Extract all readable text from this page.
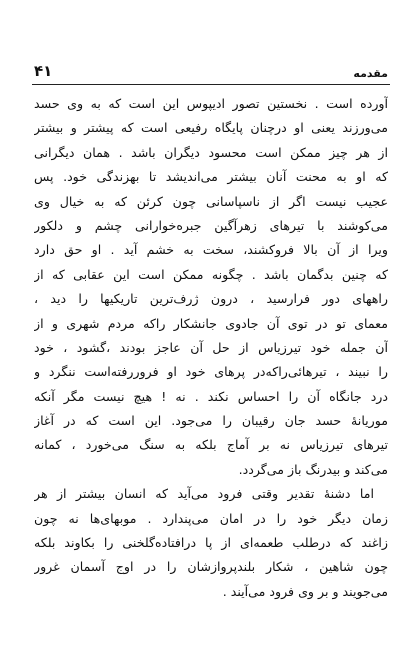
۴۱	مقدمه
آورده است . نخستین تصور ادیپوس این است که به وی حسد
می‌ورزند یعنی او درچنان پایگاه رفیعی است که پیشتر و بیشتر
از هر چیز ممکن است محسود دیگران باشد . همان دیگرانی
که او به محنت آنان بیشتر می‌اندیشد تا بهزندگی خود. پس
عجیب نیست اگر از ناسپاسانی چون کرئن که به خیال وی
می‌کوشند با تیرهای زهرآگین جبره‌خوارانی چشم و دلکور
ویرا از آن بالا فروکشند، سخت به خشم آید . او حق دارد
که چنین بدگمان باشد . چگونه ممکن است این عقابی که از
راههای دور فرارسید ، درون ژرف‌ترین تاریکیها را دید ،
معمای تو در توی آن جادوی جانشکار راکه مردم شهری و از
آن جمله خود تیرزیاس از حل آن عاجز بودند ،گشود ، خود
را نبیند ، تیرهائی‌راکه‌در پرهای خود او فروررفته‌است ننگرد و
درد جانگاه آن را احساس نکند . نه ! هیچ نیست مگر آنکه
موریانهٔ حسد جان رقیبان را می‌جود. این است که در آغاز
تیرهای تیرزیاس نه بر آماج بلکه به سنگ می‌خورد ، کمانه
می‌کند و بیدرنگ باز می‌گردد.
اما دشنهٔ تقدیر وقتی فرود می‌آید که انسان بیشتر از هر
زمان دیگر خود را در امان می‌پندارد . موبهای‌ها نه چون
زاغند که درطلب طعمه‌ای از پا درافتاده‌گلخنی را بکاوند بلکه
چون شاهین ، شکار بلندپروازشان را در اوج آسمان غرور
می‌جویند و بر وی فرود می‌آیند .
